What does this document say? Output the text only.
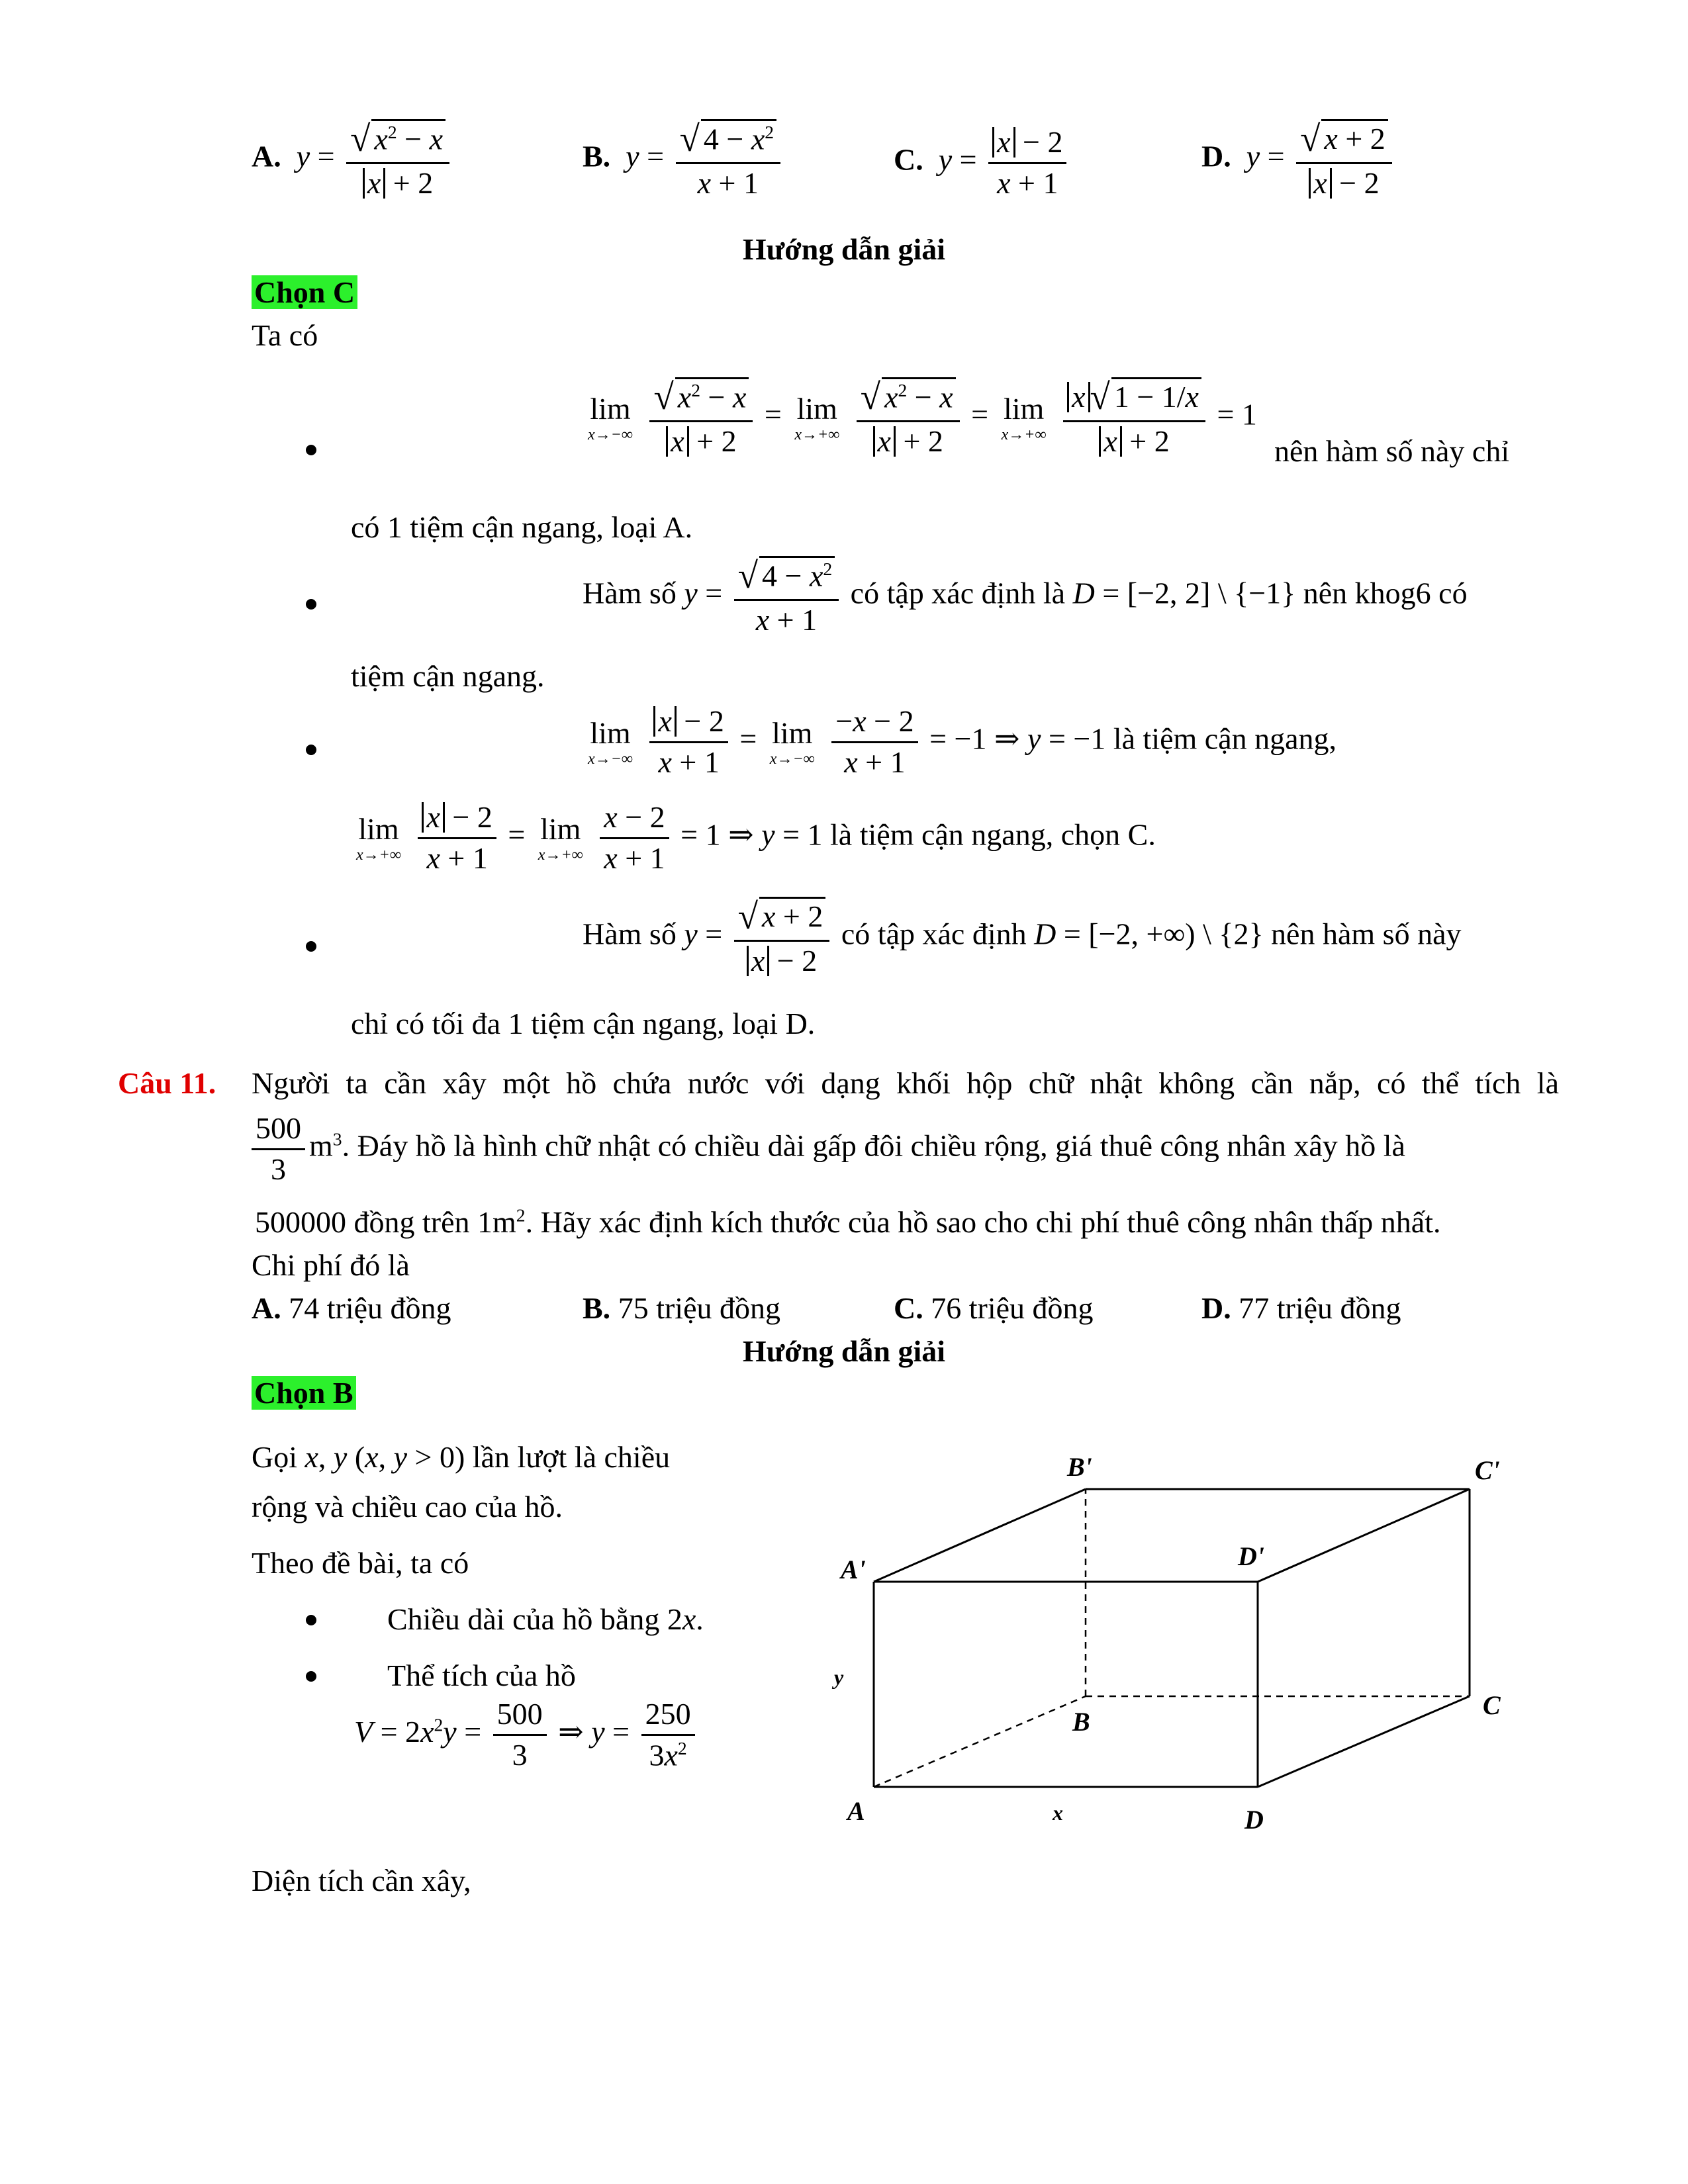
A.  $y = \frac{√ x^2 - x}{x + 2}$	B.  $y = \frac{√ 4 - x^2}{x + 1}$	C.  $y = \frac{x - 2}{x + 1}$	D.  $y = \frac{√ x + 2}{x - 2}$
Hướng dẫn giải
Chọn C
Ta có
lim
x→−∞
$\frac{√ x^2 - x}{x + 2} = \lim$
x→+∞
$\frac{√ x^2 - x}{x + 2} = \lim$
x→+∞
$\frac{x √ 1 - 1/x}{x + 2} = 1$
nên hàm số này chỉ
có 1 tiệm cận ngang, loại A.
Hàm số $y = \frac{√ 4 - x^2}{x + 1}$ có tập xác định là D = [−2, 2] \ {−1} nên khog6 có
tiệm cận ngang.
lim
x→−∞
$\frac{x - 2}{x + 1} = \lim$
x→−∞
$\frac{-x - 2}{x + 1} = -1$ ⇒ y = −1 là tiệm cận ngang,
lim
x→+∞
$\frac{x - 2}{x + 1} = \lim$
x→+∞
$\frac{x - 2}{x + 1} = 1$ ⇒ y = 1 là tiệm cận ngang, chọn C.
Hàm số $y = \frac{√ x + 2}{x - 2}$ có tập xác định D = [−2, +∞) \ {2} nên hàm số này
chỉ có tối đa 1 tiệm cận ngang, loại D.
Câu 11. Người ta cần xây một hồ chứa nước với dạng khối hộp chữ nhật không cần nắp, có thể tích là
$\frac{500}{3} m^3$. Đáy hồ là hình chữ nhật có chiều dài gấp đôi chiều rộng, giá thuê công nhân xây hồ là
500000 đồng trên $1m^2$. Hãy xác định kích thước của hồ sao cho chi phí thuê công nhân thấp nhất.
Chi phí đó là
A. 74 triệu đồng	B. 75 triệu đồng	C. 76 triệu đồng	D. 77 triệu đồng
Hướng dẫn giải
Chọn B
Gọi x, y (x, y > 0) lần lượt là chiều
rộng và chiều cao của hồ.
Theo đề bài, ta có
Chiều dài của hồ bằng 2x.
Thể tích của hồ
$V = 2x^2y = \frac{500}{3}$ ⇒ $y = \frac{250}{3x^2}$
Diện tích cần xây,
A
B
C
D
A'
B'	C'
D'
x
y
